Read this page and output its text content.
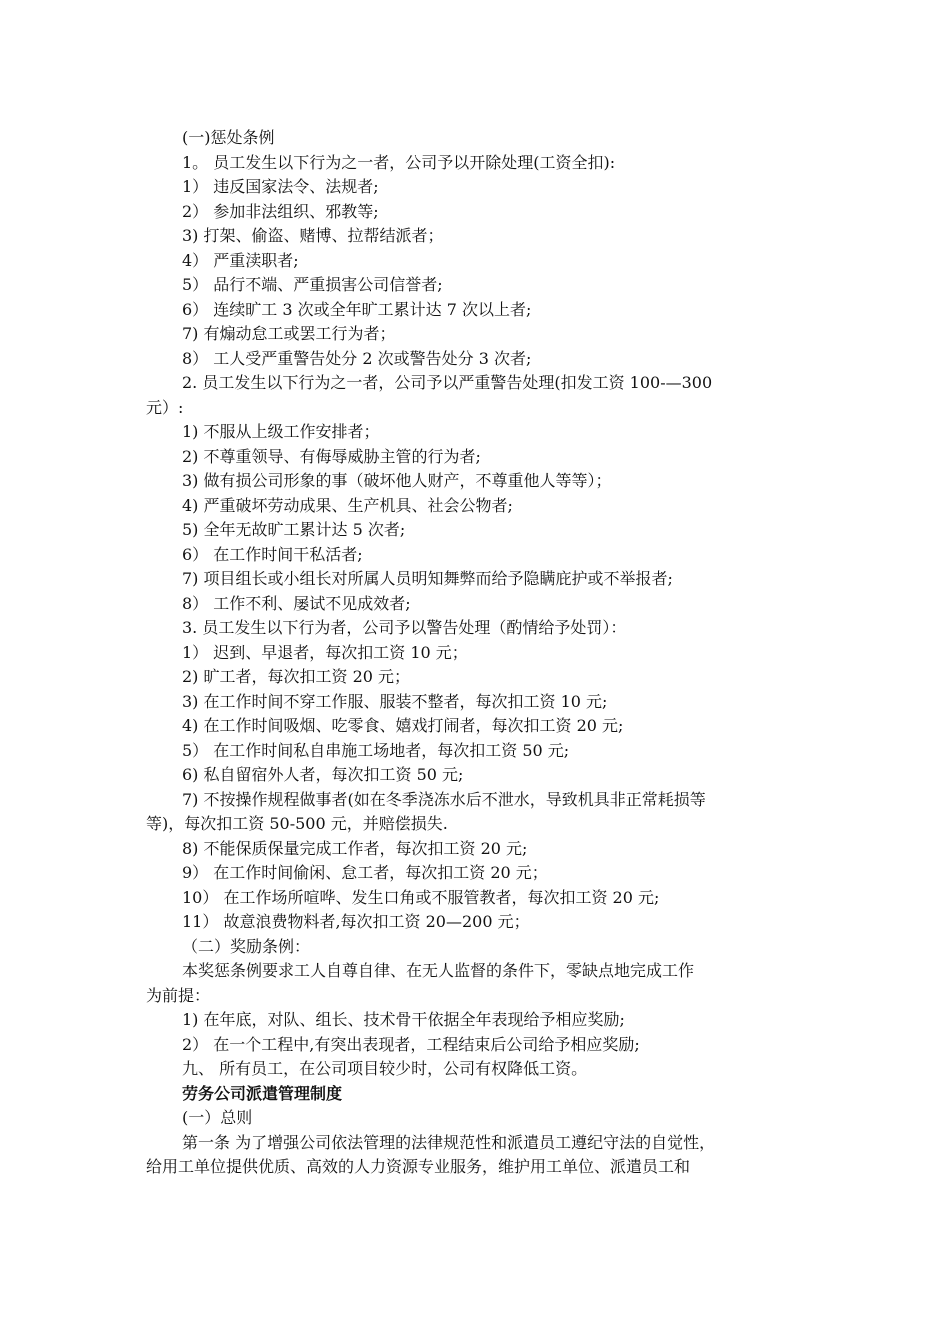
(一)惩处条例

1。 员工发生以下行为之一者，公司予以开除处理(工资全扣):

1） 违反国家法令、法规者;

2） 参加非法组织、邪教等;

3) 打架、偷盗、赌博、拉帮结派者；

4） 严重渎职者;

5） 品行不端、严重损害公司信誉者;

6） 连续旷工 3 次或全年旷工累计达 7 次以上者;

7) 有煽动怠工或罢工行为者；

8） 工人受严重警告处分 2 次或警告处分 3 次者;

2. 员工发生以下行为之一者，公司予以严重警告处理(扣发工资 100-—300

元）:

1) 不服从上级工作安排者；

2) 不尊重领导、有侮辱威胁主管的行为者;

3) 做有损公司形象的事（破坏他人财产，不尊重他人等等）；

4) 严重破坏劳动成果、生产机具、社会公物者;

5) 全年无故旷工累计达 5 次者;

6） 在工作时间干私活者;

7) 项目组长或小组长对所属人员明知舞弊而给予隐瞒庇护或不举报者;

8） 工作不利、屡试不见成效者;

3. 员工发生以下行为者，公司予以警告处理（酌情给予处罚）：

1） 迟到、早退者，每次扣工资 10 元；

2) 旷工者，每次扣工资 20 元；

3) 在工作时间不穿工作服、服装不整者，每次扣工资 10 元;

4) 在工作时间吸烟、吃零食、嬉戏打闹者，每次扣工资 20 元;

5） 在工作时间私自串施工场地者，每次扣工资 50 元;

6) 私自留宿外人者，每次扣工资 50 元;

7) 不按操作规程做事者(如在冬季浇冻水后不泄水，导致机具非正常耗损等

等)，每次扣工资 50-500 元，并赔偿损失.

8) 不能保质保量完成工作者，每次扣工资 20 元;

9） 在工作时间偷闲、怠工者，每次扣工资 20 元；

10） 在工作场所喧哗、发生口角或不服管教者，每次扣工资 20 元;

11） 故意浪费物料者,每次扣工资 20—200 元；

（二）奖励条例：

本奖惩条例要求工人自尊自律、在无人监督的条件下，零缺点地完成工作

为前提：

1) 在年底，对队、组长、技术骨干依据全年表现给予相应奖励;

2） 在一个工程中,有突出表现者，工程结束后公司给予相应奖励;

九、 所有员工，在公司项目较少时，公司有权降低工资。

劳务公司派遣管理制度

(一）总则

第一条 为了增强公司依法管理的法律规范性和派遣员工遵纪守法的自觉性，

给用工单位提供优质、高效的人力资源专业服务，维护用工单位、派遣员工和
